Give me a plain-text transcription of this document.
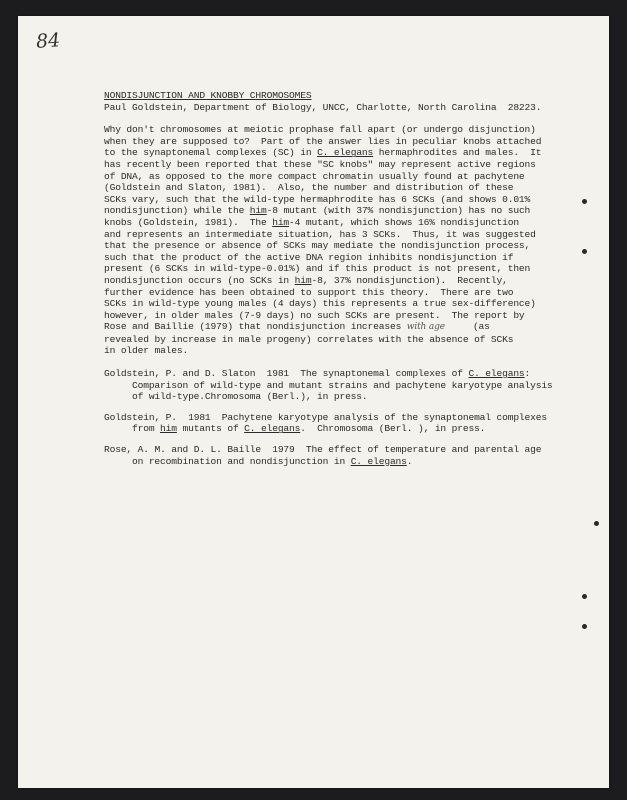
84
NONDISJUNCTION AND KNOBBY CHROMOSOMES
Paul Goldstein, Department of Biology, UNCC, Charlotte, North Carolina  28223.
Why don't chromosomes at meiotic prophase fall apart (or undergo disjunction)
when they are supposed to?  Part of the answer lies in peculiar knobs attached
to the synaptonemal complexes (SC) in C. elegans hermaphrodites and males.  It
has recently been reported that these "SC knobs" may represent active regions
of DNA, as opposed to the more compact chromatin usually found at pachytene
(Goldstein and Slaton, 1981).  Also, the number and distribution of these
SCKs vary, such that the wild-type hermaphrodite has 6 SCKs (and shows 0.01%
nondisjunction) while the him-8 mutant (with 37% nondisjunction) has no such
knobs (Goldstein, 1981).  The him-4 mutant, which shows 16% nondisjunction
and represents an intermediate situation, has 3 SCKs.  Thus, it was suggested
that the presence or absence of SCKs may mediate the nondisjunction process,
such that the product of the active DNA region inhibits nondisjunction if
present (6 SCKs in wild-type-0.01%) and if this product is not present, then
nondisjunction occurs (no SCKs in him-8, 37% nondisjunction).  Recently,
further evidence has been obtained to support this theory.  There are two
SCKs in wild-type young males (4 days) this represents a true sex-difference)
however, in older males (7-9 days) no such SCKs are present.  The report by
Rose and Baillie (1979) that nondisjunction increases with age     (as
revealed by increase in male progeny) correlates with the absence of SCKs
in older males.
Goldstein, P. and D. Slaton  1981  The synaptonemal complexes of C. elegans:
Comparison of wild-type and mutant strains and pachytene karyotype analysis
of wild-type.Chromosoma (Berl.), in press.
Goldstein, P.  1981  Pachytene karyotype analysis of the synaptonemal complexes
from him mutants of C. elegans.  Chromosoma (Berl. ), in press.
Rose, A. M. and D. L. Baille  1979  The effect of temperature and parental age
on recombination and nondisjunction in C. elegans.
